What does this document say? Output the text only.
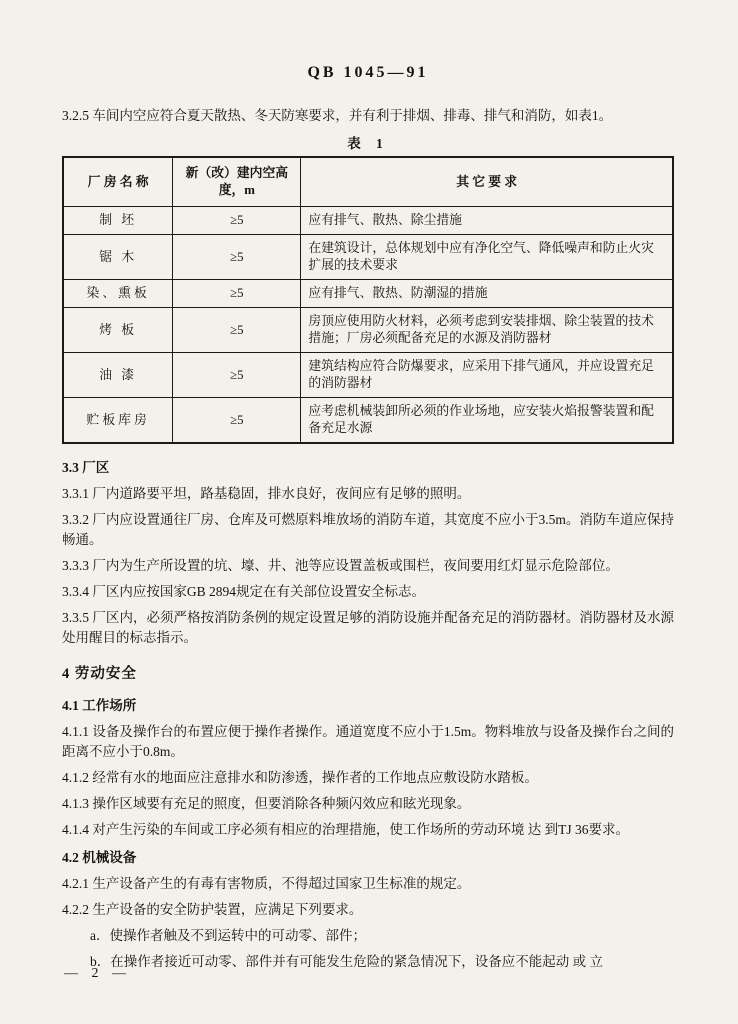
QB 1045—91

3.2.5 车间内空应符合夏天散热、冬天防寒要求，并有利于排烟、排毒、排气和消防，如表1。

表 1
厂 房 名 称	新（改）建内空高度，m	其 它 要 求
制 坯	≥5	应有排气、散热、除尘措施
锯 木	≥5	在建筑设计，总体规划中应有净化空气、降低噪声和防止火灾扩展的技术要求
染、熏板	≥5	应有排气、散热、防潮湿的措施
烤 板	≥5	房顶应使用防火材料，必须考虑到安装排烟、除尘装置的技术措施；厂房必须配备充足的水源及消防器材
油 漆	≥5	建筑结构应符合防爆要求，应采用下排气通风，并应设置充足的消防器材
贮板库房	≥5	应考虑机械装卸所必须的作业场地，应安装火焰报警装置和配备充足水源

3.3 厂区

3.3.1 厂内道路要平坦，路基稳固，排水良好，夜间应有足够的照明。

3.3.2 厂内应设置通往厂房、仓库及可燃原料堆放场的消防车道，其宽度不应小于3.5m。消防车道应保持畅通。

3.3.3 厂内为生产所设置的坑、壕、井、池等应设置盖板或围栏，夜间要用红灯显示危险部位。

3.3.4 厂区内应按国家GB 2894规定在有关部位设置安全标志。

3.3.5 厂区内，必须严格按消防条例的规定设置足够的消防设施并配备充足的消防器材。消防器材及水源处用醒目的标志指示。

4 劳动安全

4.1 工作场所

4.1.1 设备及操作台的布置应便于操作者操作。通道宽度不应小于1.5m。物料堆放与设备及操作台之间的距离不应小于0.8m。

4.1.2 经常有水的地面应注意排水和防渗透，操作者的工作地点应敷设防水踏板。

4.1.3 操作区域要有充足的照度，但要消除各种频闪效应和眩光现象。

4.1.4 对产生污染的车间或工序必须有相应的治理措施，使工作场所的劳动环境 达 到TJ 36要求。

4.2 机械设备

4.2.1 生产设备产生的有毒有害物质，不得超过国家卫生标准的规定。

4.2.2 生产设备的安全防护装置，应满足下列要求。

a．使操作者触及不到运转中的可动零、部件；

b．在操作者接近可动零、部件并有可能发生危险的紧急情况下，设备应不能起动 或 立

— 2 —
